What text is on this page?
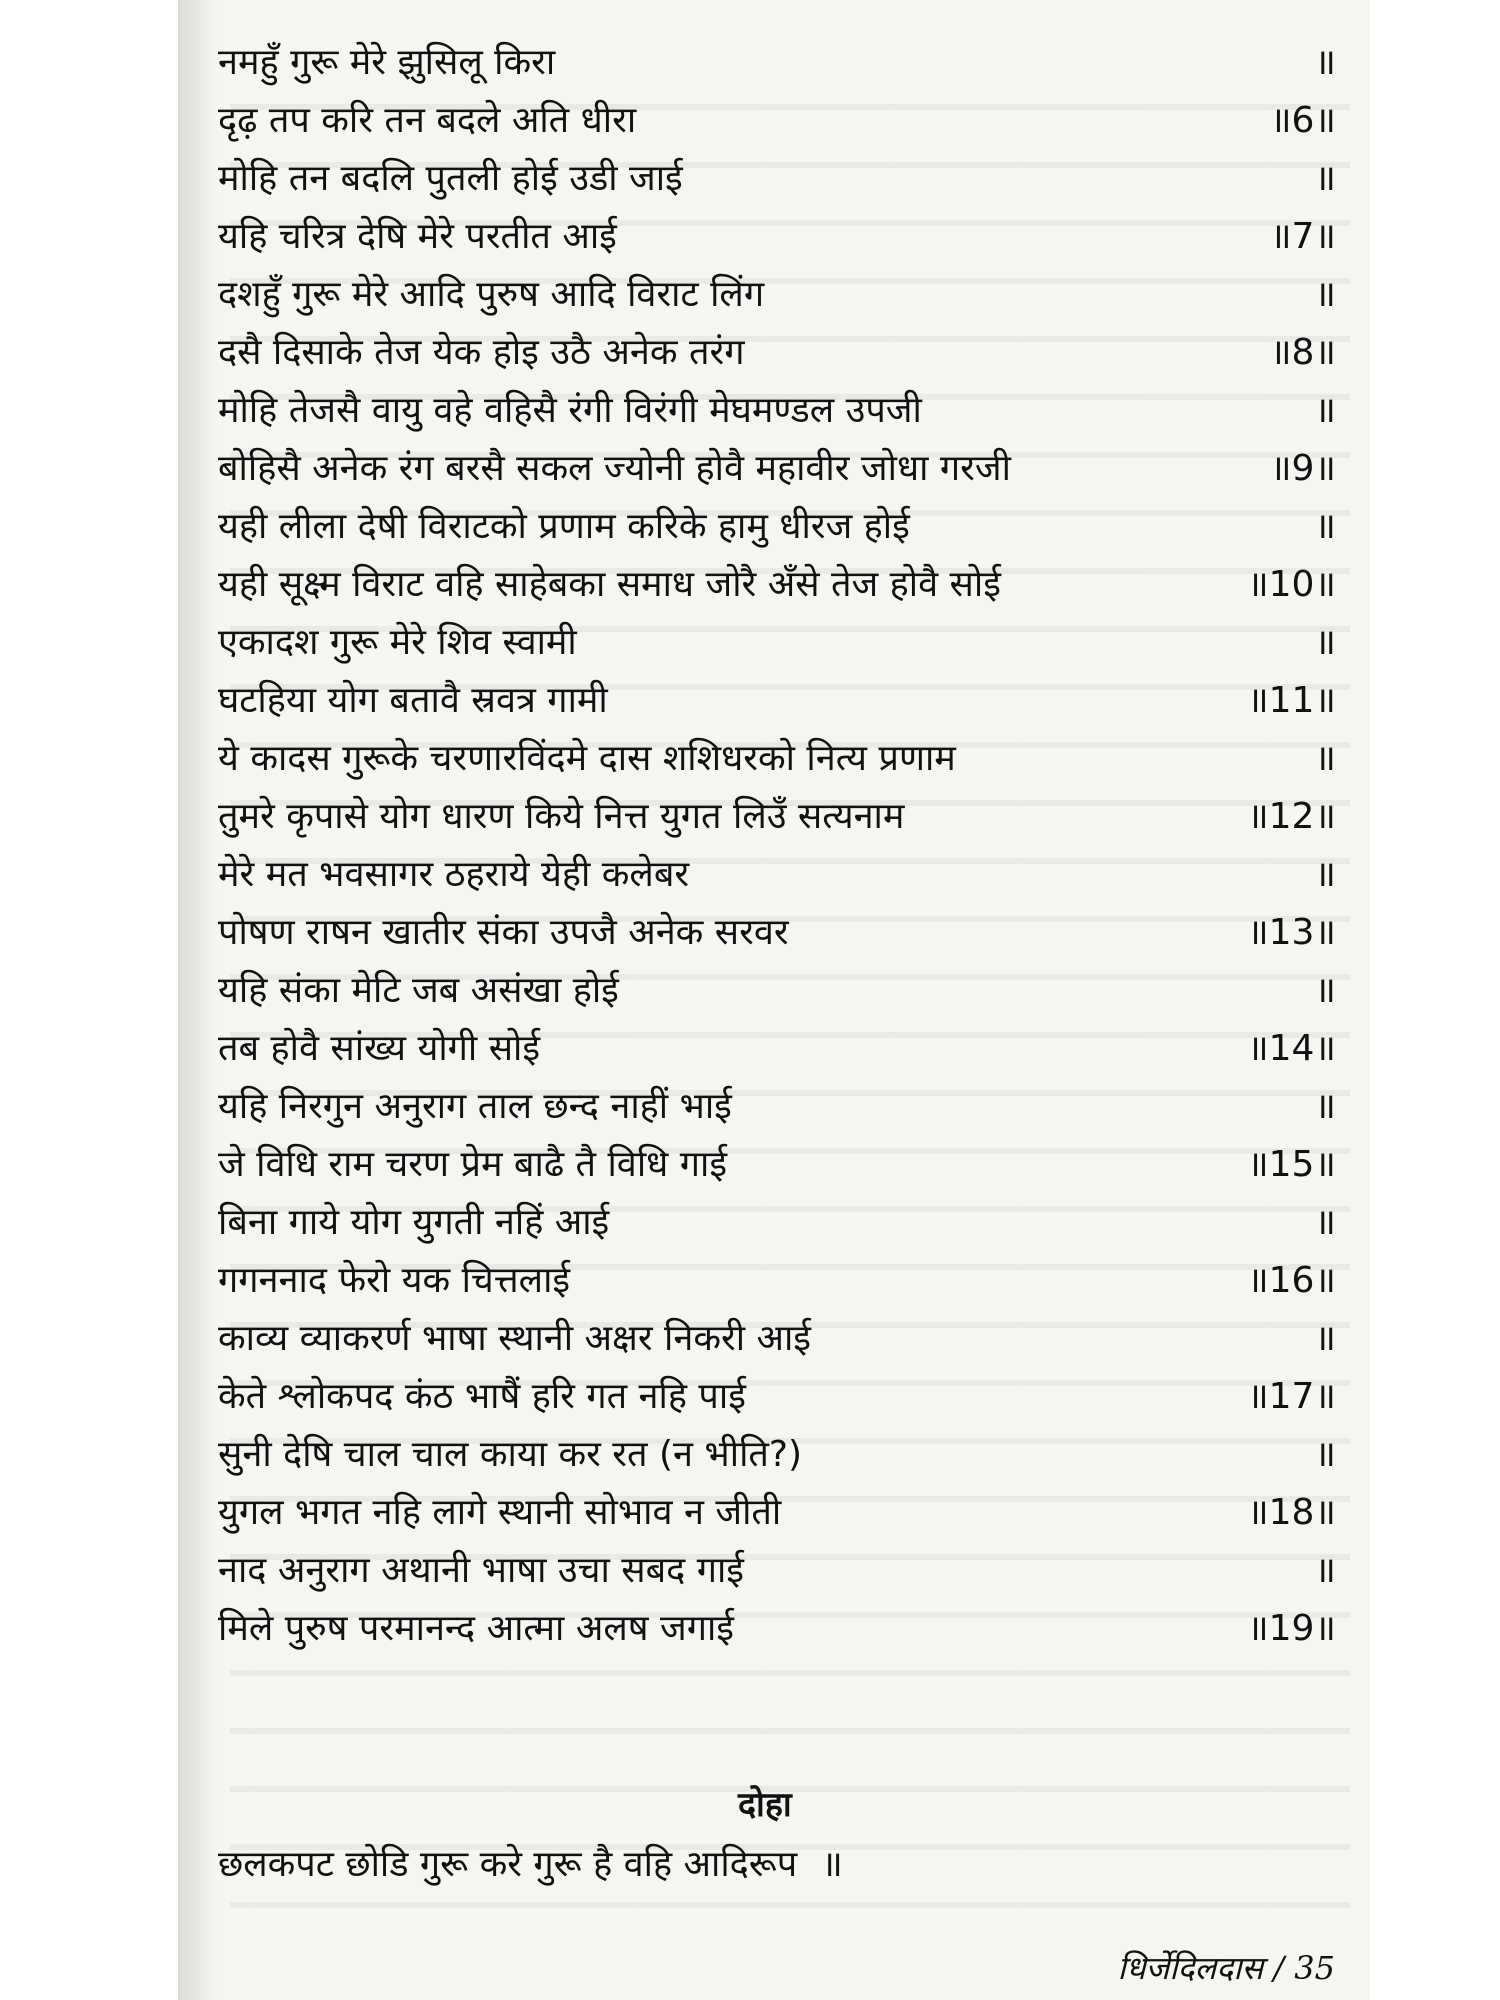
नमहुँ गुरू मेरे झुसिलू किरा	॥
दृढ़ तप करि तन बदले अति धीरा	॥6॥
मोहि तन बदलि पुतली होई उडी जाई	॥
यहि चरित्र देषि मेरे परतीत आई	॥7॥
दशहुँ गुरू मेरे आदि पुरुष आदि विराट लिंग	॥
दसै दिसाके तेज येक होइ उठै अनेक तरंग	॥8॥
मोहि तेजसै वायु वहे वहिसै रंगी विरंगी मेघमण्डल उपजी	॥
बोहिसै अनेक रंग बरसै सकल ज्योनी होवै महावीर जोधा गरजी	॥9॥
यही लीला देषी विराटको प्रणाम करिके हामु धीरज होई	॥
यही सूक्ष्म विराट वहि साहेबका समाध जोरै अँसे तेज होवै सोई	॥10॥
एकादश गुरू मेरे शिव स्वामी	॥
घटहिया योग बतावै स्रवत्र गामी	॥11॥
ये कादस गुरूके चरणारविंदमे दास शशिधरको नित्य प्रणाम	॥
तुमरे कृपासे योग धारण किये नित्त युगत लिउँ सत्यनाम	॥12॥
मेरे मत भवसागर ठहराये येही कलेबर	॥
पोषण राषन खातीर संका उपजै अनेक सरवर	॥13॥
यहि संका मेटि जब असंखा होई	॥
तब होवै सांख्य योगी सोई	॥14॥
यहि निरगुन अनुराग ताल छन्द नाहीं भाई	॥
जे विधि राम चरण प्रेम बाढै तै विधि गाई	॥15॥
बिना गाये योग युगती नहिं आई	॥
गगननाद फेरो यक चित्तलाई	॥16॥
काव्य व्याकरर्ण भाषा स्थानी अक्षर निकरी आई	॥
केते श्लोकपद कंठ भाषैं हरि गत नहि पाई	॥17॥
सुनी देषि चाल चाल काया कर रत (न भीति?)	॥
युगल भगत नहि लागे स्थानी सोभाव न जीती	॥18॥
नाद अनुराग अथानी भाषा उचा सबद गाई	॥
मिले पुरुष परमानन्द आत्मा अलष जगाई	॥19॥
दोहा
छलकपट छोडि गुरू करे गुरू है वहि आदिरूप ॥
धिर्जेदिलदास / 35
